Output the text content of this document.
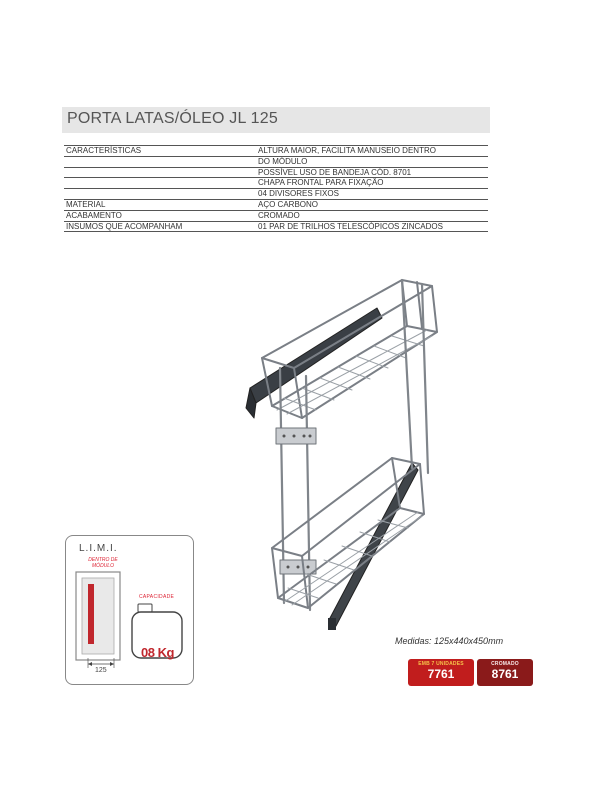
PORTA LATAS/ÓLEO JL 125
CARACTERÍSTICAS	ALTURA MAIOR, FACILITA MANUSEIO DENTRO
	DO MÓDULO
	POSSÍVEL USO DE BANDEJA CÓD. 8701
	CHAPA FRONTAL PARA FIXAÇÃO
	04 DIVISORES FIXOS
MATERIAL	AÇO CARBONO
ACABAMENTO	CROMADO
INSUMOS QUE ACOMPANHAM	01 PAR DE TRILHOS TELESCÓPICOS ZINCADOS
L.I.M.I.
DENTRO DE MÓDULO
CAPACIDADE
08 Kg
125
Medidas: 125x440x450mm
EMB 7 UNIDADES
7761
CROMADO
8761
